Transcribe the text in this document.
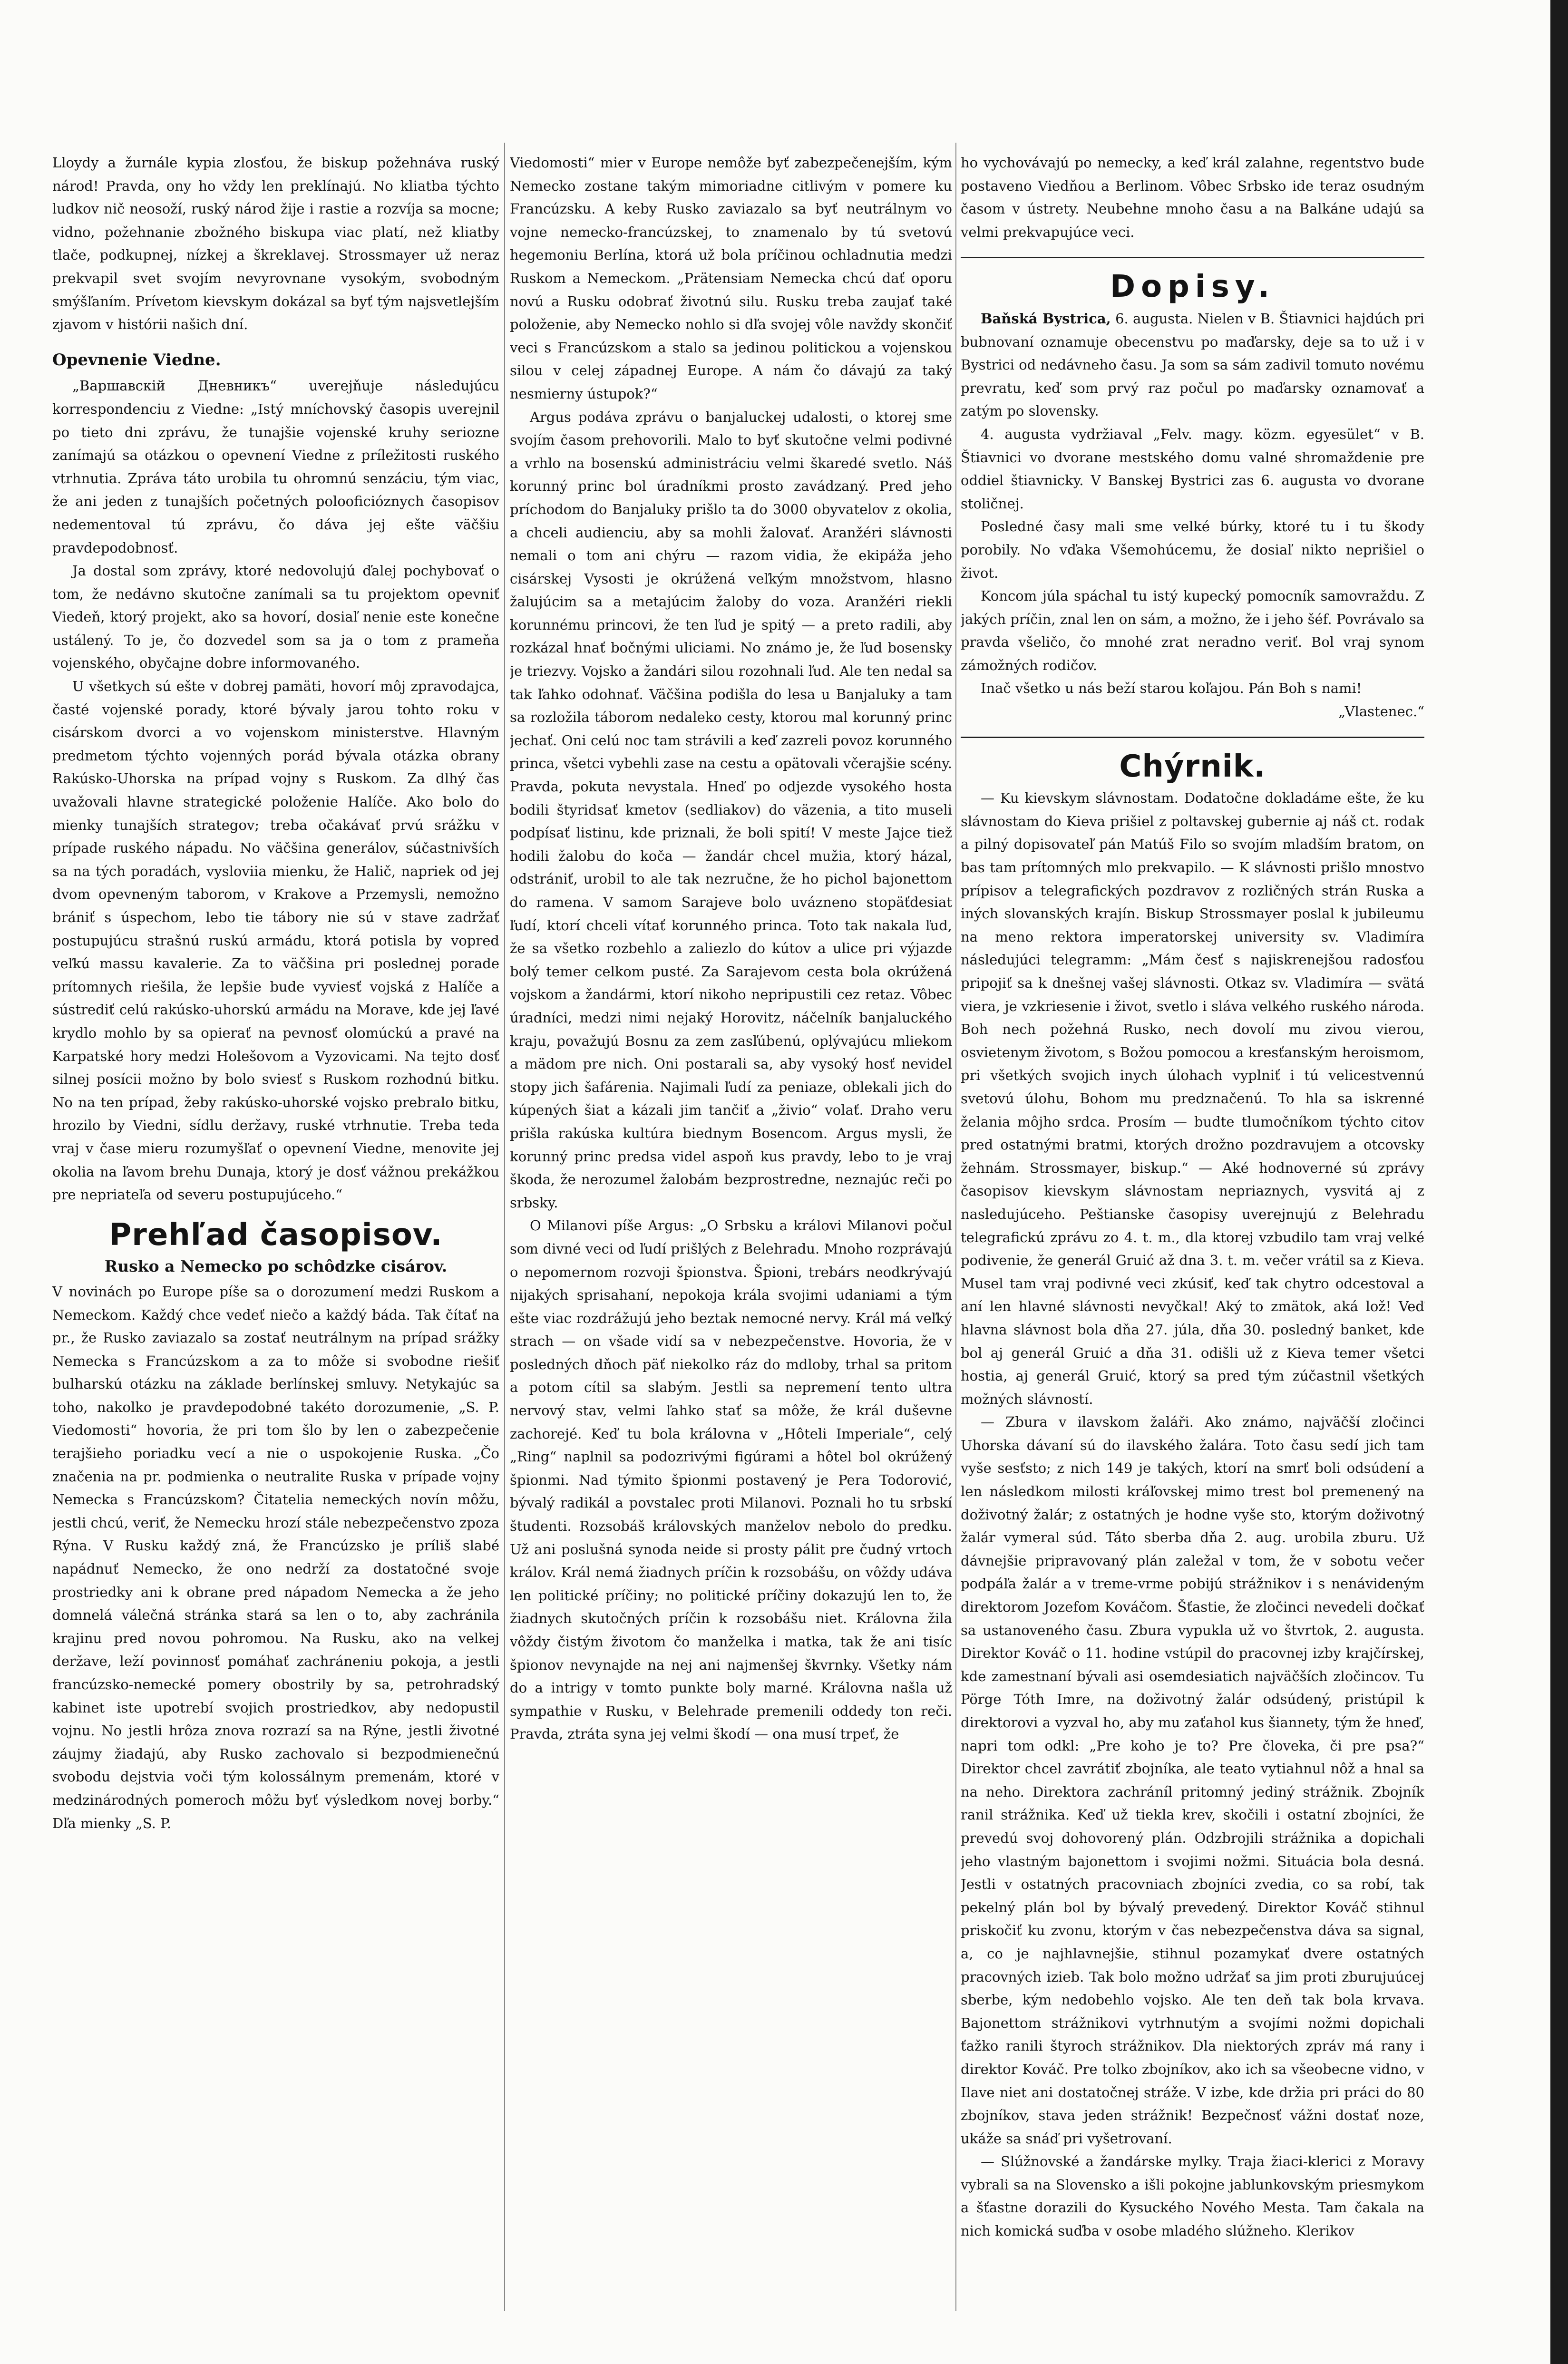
Lloydy a žurnále kypia zlosťou, že biskup požehnáva ruský národ! Pravda, ony ho vždy len preklínajú. No kliatba týchto ludkov nič neosoží, ruský národ žije i rastie a rozvíja sa mocne; vidno, požehnanie zbožného biskupa viac platí, než kliatby tlače, podkupnej, nízkej a škreklavej. Strossmayer už neraz prekvapil svet svojím nevyrovnane vysokým, svobodným smýšľaním. Prívetom kievskym dokázal sa byť tým najsvetlejším zjavom v histórii našich dní.

Opevnenie Viedne.

„Варшавскій Дневникъ“ uverejňuje následujúcu korrespondenciu z Viedne: „Istý mníchovský časopis uverejnil po tieto dni zprávu, že tunajšie vojenské kruhy seriozne zanímajú sa otázkou o opevnení Viedne z príležitosti ruského vtrhnutia. Zpráva táto urobila tu ohromnú senzáciu, tým viac, že ani jeden z tunajších početných polooficióznych časopisov nedementoval tú zprávu, čo dáva jej ešte väčšiu pravdepodobnosť.

Ja dostal som zprávy, ktoré nedovolujú ďalej pochybovať o tom, že nedávno skutočne zanímali sa tu projektom opevniť Viedeň, ktorý projekt, ako sa hovorí, dosiaľ nenie este konečne ustálený. To je, čo dozvedel som sa ja o tom z prameňa vojenského, obyčajne dobre informovaného.

U všetkych sú ešte v dobrej pamäti, hovorí môj zpravodajca, časté vojenské porady, ktoré bývaly jarou tohto roku v cisárskom dvorci a vo vojenskom ministerstve. Hlavným predmetom týchto vojenných porád bývala otázka obrany Rakúsko-Uhorska na prípad vojny s Ruskom. Za dlhý čas uvažovali hlavne strategické položenie Halíče. Ako bolo do mienky tunajších strategov; treba očakávať prvú srážku v prípade ruského nápadu. No väčšina generálov, súčastnivších sa na tých poradách, vysloviia mienku, že Halič, napriek od jej dvom opevneným taborom, v Krakove a Przemysli, nemožno brániť s úspechom, lebo tie tábory nie sú v stave zadržať postupujúcu strašnú ruskú armádu, ktorá potisla by vopred veľkú massu kavalerie. Za to väčšina pri poslednej porade prítomnych riešila, že lepšie bude vyviesť vojská z Halíče a sústrediť celú rakúsko-uhorskú armádu na Morave, kde jej ľavé krydlo mohlo by sa opierať na pevnosť olomúckú a pravé na Karpatské hory medzi Holešovom a Vyzovicami. Na tejto dosť silnej posícii možno by bolo sviesť s Ruskom rozhodnú bitku. No na ten prípad, žeby rakúsko-uhorské vojsko prebralo bitku, hrozilo by Viedni, sídlu deržavy, ruské vtrhnutie. Treba teda vraj v čase mieru rozumyšľať o opevnení Viedne, menovite jej okolia na ľavom brehu Dunaja, ktorý je dosť vážnou prekážkou pre nepriateľa od severu postupujúceho.“

Prehľad časopisov.
Rusko a Nemecko po schôdzke cisárov.

V novinách po Europe píše sa o dorozumení medzi Ruskom a Nemeckom. Každý chce vedeť niečo a každý báda. Tak čítať na pr., že Rusko zaviazalo sa zostať neutrálnym na prípad srážky Nemecka s Francúzskom a za to môže si svobodne riešiť bulharskú otázku na základe berlínskej smluvy. Netykajúc sa toho, nakolko je pravdepodobné takéto dorozumenie, „S. P. Viedomosti“ hovoria, že pri tom šlo by len o zabezpečenie terajšieho poriadku vecí a nie o uspokojenie Ruska. „Čo značenia na pr. podmienka o neutralite Ruska v prípade vojny Nemecka s Francúzskom? Čitatelia nemeckých novín môžu, jestli chcú, veriť, že Nemecku hrozí stále nebezpečenstvo zpoza Rýna. V Rusku každý zná, že Francúzsko je príliš slabé napádnuť Nemecko, že ono nedrží za dostatočné svoje prostriedky ani k obrane pred nápadom Nemecka a že jeho domnelá válečná stránka stará sa len o to, aby zachránila krajinu pred novou pohromou. Na Rusku, ako na velkej deržave, leží povinnosť pomáhať zachráneniu pokoja, a jestli francúzsko-nemecké pomery obostrily by sa, petrohradský kabinet iste upotrebí svojich prostriedkov, aby nedopustil vojnu. No jestli hrôza znova rozrazí sa na Rýne, jestli životné záujmy žiadajú, aby Rusko zachovalo si bezpodmienečnú svobodu dejstvia voči tým kolossálnym premenám, ktoré v medzinárodných pomeroch môžu byť výsledkom novej borby.“ Dľa mienky „S. P.

Viedomosti“ mier v Europe nemôže byť zabezpečenejším, kým Nemecko zostane takým mimoriadne citlivým v pomere ku Francúzsku. A keby Rusko zaviazalo sa byť neutrálnym vo vojne nemecko-francúzskej, to znamenalo by tú svetovú hegemoniu Berlína, ktorá už bola príčinou ochladnutia medzi Ruskom a Nemeckom. „Prätensiam Nemecka chcú dať oporu novú a Rusku odobrať životnú silu. Rusku treba zaujať také položenie, aby Nemecko nohlo si dľa svojej vôle navždy skončiť veci s Francúzskom a stalo sa jedinou politickou a vojenskou silou v celej západnej Europe. A nám čo dávajú za taký nesmierny ústupok?“

Argus podáva zprávu o banjaluckej udalosti, o ktorej sme svojím časom prehovorili. Malo to byť skutočne velmi podivné a vrhlo na bosenskú administráciu velmi škaredé svetlo. Náš korunný princ bol úradníkmi prosto zavádzaný. Pred jeho príchodom do Banjaluky prišlo ta do 3000 obyvatelov z okolia, a chceli audienciu, aby sa mohli žalovať. Aranžéri slávnosti nemali o tom ani chýru — razom vidia, že ekipáža jeho cisárskej Vysosti je okrúžená veľkým množstvom, hlasno žalujúcim sa a metajúcim žaloby do voza. Aranžéri riekli korunnému princovi, že ten ľud je spitý — a preto radili, aby rozkázal hnať bočnými uliciami. No známo je, že ľud bosensky je triezvy. Vojsko a žandári silou rozohnali ľud. Ale ten nedal sa tak ľahko odohnať. Väčšina podišla do lesa u Banjaluky a tam sa rozložila táborom nedaleko cesty, ktorou mal korunný princ jechať. Oni celú noc tam strávili a keď zazreli povoz korunného princa, všetci vybehli zase na cestu a opätovali včerajšie scény. Pravda, pokuta nevystala. Hneď po odjezde vysokého hosta bodili štyridsať kmetov (sedliakov) do väzenia, a tito museli podpísať listinu, kde priznali, že boli spití! V meste Jajce tiež hodili žalobu do koča — žandár chcel mužia, ktorý házal, odstrániť, urobil to ale tak nezručne, že ho pichol bajonettom do ramena. V samom Sarajeve bolo uvázneno stopäťdesiat ľudí, ktorí chceli vítať korunného princa. Toto tak nakala ľud, že sa všetko rozbehlo a zaliezlo do kútov a ulice pri výjazde bolý temer celkom pusté. Za Sarajevom cesta bola okrúžená vojskom a žandármi, ktorí nikoho nepripustili cez retaz. Vôbec úradníci, medzi nimi nejaký Horovitz, náčelník banjaluckého kraju, považujú Bosnu za zem zasľúbenú, oplývajúcu mliekom a mädom pre nich. Oni postarali sa, aby vysoký hosť nevidel stopy jich šafárenia. Najimali ľudí za peniaze, oblekali jich do kúpených šiat a kázali jim tančiť a „živio“ volať. Draho veru prišla rakúska kultúra biednym Bosencom. Argus mysli, že korunný princ predsa videl aspoň kus pravdy, lebo to je vraj škoda, že nerozumel žalobám bezprostredne, neznajúc reči po srbsky.

O Milanovi píše Argus: „O Srbsku a královi Milanovi počul som divné veci od ľudí prišlých z Belehradu. Mnoho rozprávajú o nepomernom rozvoji špionstva. Špioni, trebárs neodkrývajú nijakých sprisahaní, nepokoja krála svojimi udaniami a tým ešte viac rozdrážujú jeho beztak nemocné nervy. Král má veľký strach — on všade vidí sa v nebezpečenstve. Hovoria, že v posledných dňoch päť niekolko ráz do mdloby, trhal sa pritom a potom cítil sa slabým. Jestli sa nepremení tento ultra nervový stav, velmi ľahko stať sa môže, že král duševne zachorejé. Keď tu bola královna v „Hôteli Imperiale“, celý „Ring“ naplnil sa podozrivými figúrami a hôtel bol okrúžený špionmi. Nad týmito špionmi postavený je Pera Todorović, bývalý radikál a povstalec proti Milanovi. Poznali ho tu srbskí študenti. Rozsobáš královských manželov nebolo do predku. Už ani poslušná synoda neide si prosty pálit pre čudný vrtoch králov. Král nemá žiadnych príčin k rozsobášu, on vôždy udáva len politické príčiny; no politické príčiny dokazujú len to, že žiadnych skutočných príčin k rozsobášu niet. Královna žila vôždy čistým životom čo manželka i matka, tak že ani tisíc špionov nevynajde na nej ani najmenšej škvrnky. Všetky nám do a intrigy v tomto punkte boly marné. Královna našla už sympathie v Rusku, v Belehrade premenili oddedy ton reči. Pravda, ztráta syna jej velmi škodí — ona musí trpeť, že

ho vychovávajú po nemecky, a keď král zalahne, regentstvo bude postaveno Viedňou a Berlinom. Vôbec Srbsko ide teraz osudným časom v ústrety. Neubehne mnoho času a na Balkáne udajú sa velmi prekvapujúce veci.

Dopisy.

Baňská Bystrica, 6. augusta. Nielen v B. Štiavnici hajdúch pri bubnovaní oznamuje obecenstvu po maďarsky, deje sa to už i v Bystrici od nedávneho času. Ja som sa sám zadivil tomuto novému prevratu, keď som prvý raz počul po maďarsky oznamovať a zatým po slovensky.

4. augusta vydržiaval „Felv. magy. közm. egyesület“ v B. Štiavnici vo dvorane mestského domu valné shromaždenie pre oddiel štiavnicky. V Banskej Bystrici zas 6. augusta vo dvorane stoličnej.

Posledné časy mali sme velké búrky, ktoré tu i tu škody porobily. No vďaka Všemohúcemu, že dosiaľ nikto neprišiel o život.

Koncom júla spáchal tu istý kupecký pomocník samovraždu. Z jakých príčin, znal len on sám, a možno, že i jeho šéf. Povrávalo sa pravda všeličo, čo mnohé zrat neradno veriť. Bol vraj synom zámožných rodičov.

Inač všetko u nás beží starou koľajou. Pán Boh s nami!

„Vlastenec.“
Chýrnik.

— Ku kievskym slávnostam. Dodatočne dokladáme ešte, že ku slávnostam do Kieva prišiel z poltavskej gubernie aj náš ct. rodak a pilný dopisovateľ pán Matúš Filo so svojím mladším bratom, on bas tam prítomných mlo prekvapilo. — K slávnosti prišlo mnostvo prípisov a telegrafických pozdravov z rozličných strán Ruska a iných slovanských krajín. Biskup Strossmayer poslal k jubileumu na meno rektora imperatorskej university sv. Vladimíra následujúci telegramm: „Mám česť s najiskrenejšou radosťou pripojiť sa k dnešnej vašej slávnosti. Otkaz sv. Vladimíra — svätá viera, je vzkriesenie i život, svetlo i sláva velkého ruského národa. Boh nech požehná Rusko, nech dovolí mu zivou vierou, osvietenym životom, s Božou pomocou a kresťanským heroismom, pri všetkých svojich inych úlohach vyplniť i tú velicestvennú svetovú úlohu, Bohom mu predznačenú. To hla sa iskrenné želania môjho srdca. Prosím — budte tlumočníkom týchto citov pred ostatnými bratmi, ktorých drožno pozdravujem a otcovsky žehnám. Strossmayer, biskup.“ — Aké hodnoverné sú zprávy časopisov kievskym slávnostam nepriaznych, vysvitá aj z nasledujúceho. Peštianske časopisy uverejnujú z Belehradu telegrafickú zprávu zo 4. t. m., dla ktorej vzbudilo tam vraj velké podivenie, že generál Gruić až dna 3. t. m. večer vrátil sa z Kieva. Musel tam vraj podivné veci zkúsiť, keď tak chytro odcestoval a aní len hlavné slávnosti nevyčkal! Aký to zmätok, aká lož! Veď hlavna slávnost bola dňa 27. júla, dňa 30. posledný banket, kde bol aj generál Gruić a dňa 31. odišli už z Kieva temer všetci hostia, aj generál Gruić, ktorý sa pred tým zúčastnil všetkých možných slávností.

— Zbura v ilavskom žaláři. Ako známo, najväčší zločinci Uhorska dávaní sú do ilavského žalára. Toto času sedí jich tam vyše sesťsto; z nich 149 je takých, ktorí na smrť boli odsúdení a len následkom milosti kráľovskej mimo trest bol premenený na doživotný žalár; z ostatných je hodne vyše sto, ktorým doživotný žalár vymeral súd. Táto sberba dňa 2. aug. urobila zburu. Už dávnejšie pripravovaný plán zaležal v tom, že v sobotu večer podpáľa žalár a v treme-vrme pobijú strážnikov i s nenávideným direktorom Jozefom Kováčom. Šťastie, že zločinci nevedeli dočkať sa ustanoveného času. Zbura vypukla už vo štvrtok, 2. augusta. Direktor Kováč o 11. hodine vstúpil do pracovnej izby krajčírskej, kde zamestnaní bývali asi osemdesiatich najväčších zločincov. Tu Pörge Tóth Imre, na doživotný žalár odsúdený, pristúpil k direktorovi a vyzval ho, aby mu zaťahol kus šiannety, tým že hneď, napri tom odkl: „Pre koho je to? Pre človeka, či pre psa?“ Direktor chcel zavrátiť zbojníka, ale teato vytiahnul nôž a hnal sa na neho. Direktora zachráníl pritomný jediný strážnik. Zbojník ranil strážnika. Keď už tiekla krev, skočili i ostatní zbojníci, že prevedú svoj dohovorený plán. Odzbrojili strážnika a dopichali jeho vlastným bajonettom i svojimi nožmi. Situácia bola desná. Jestli v ostatných pracovniach zbojníci zvedia, co sa robí, tak pekelný plán bol by bývalý prevedený. Direktor Kováč stihnul priskočiť ku zvonu, ktorým v čas nebezpečenstva dáva sa signal, a, co je najhlavnejšie, stihnul pozamykať dvere ostatných pracovných izieb. Tak bolo možno udržať sa jim proti zburujuúcej sberbe, kým nedobehlo vojsko. Ale ten deň tak bola krvava. Bajonettom strážnikovi vytrhnutým a svojími nožmi dopichali ťažko ranili štyroch strážnikov. Dla niektorých zpráv má rany i direktor Kováč. Pre tolko zbojníkov, ako ich sa všeobecne vidno, v Ilave niet ani dostatočnej stráže. V izbe, kde držia pri práci do 80 zbojníkov, stava jeden strážnik! Bezpečnosť vážni dostať noze, ukáže sa snáď pri vyšetrovaní.

— Slúžnovské a žandárske mylky. Traja žiaci-klerici z Moravy vybrali sa na Slovensko a išli pokojne jablunkovským priesmykom a šťastne dorazili do Kysuckého Nového Mesta. Tam čakala na nich komická suďba v osobe mladého slúžneho. Klerikov
